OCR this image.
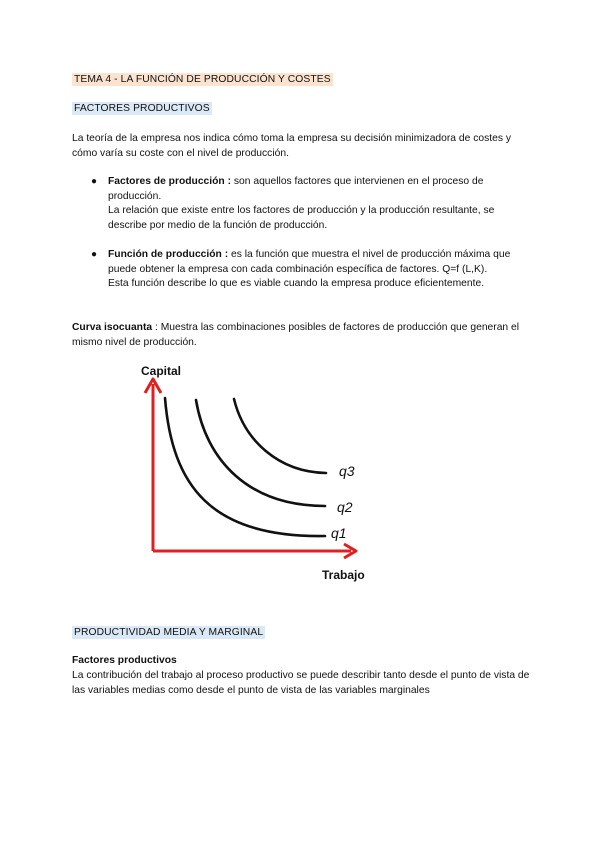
TEMA 4 - LA FUNCIÓN DE PRODUCCIÓN Y COSTES
FACTORES PRODUCTIVOS
La teoría de la empresa nos indica cómo toma la empresa su decisión minimizadora de costes y cómo varía su coste con el nivel de producción.
● Factores de producción : son aquellos factores que intervienen en el proceso de producción.

La relación que existe entre los factores de producción y la producción resultante, se describe por medio de la función de producción.

● Función de producción : es la función que muestra el nivel de producción máxima que puede obtener la empresa con cada combinación específica de factores. Q=f (L,K).

Esta función describe lo que es viable cuando la empresa produce eficientemente.

Curva isocuanta : Muestra las combinaciones posibles de factores de producción que generan el mismo nivel de producción.
Capital
Trabajo
q1
q2
q3
PRODUCTIVIDAD MEDIA Y MARGINAL
Factores productivos
La contribución del trabajo al proceso productivo se puede describir tanto desde el punto de vista de las variables medias como desde el punto de vista de las variables marginales
